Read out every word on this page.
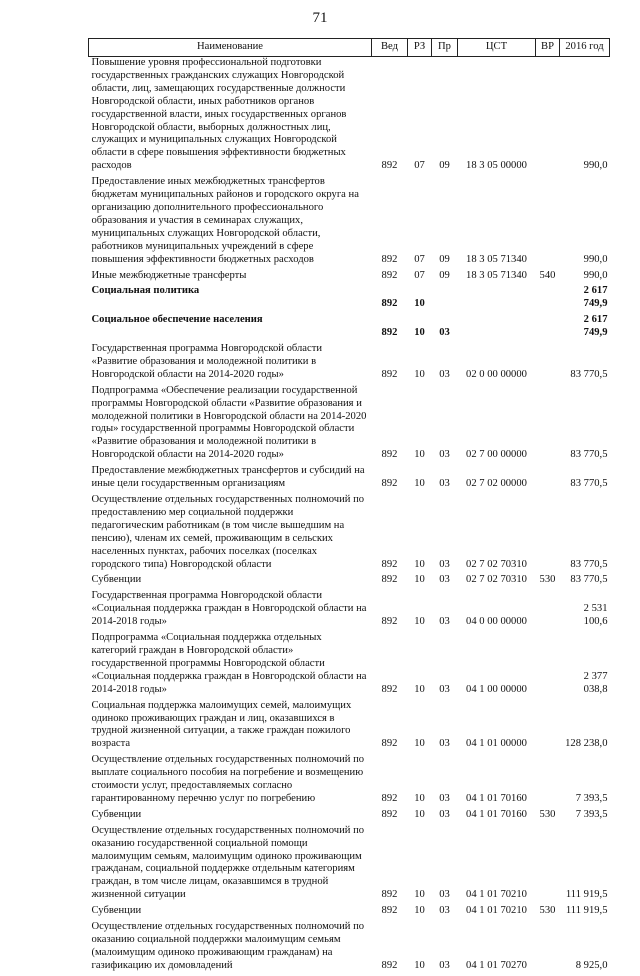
71
Наименование	Вед	РЗ	Пр	ЦСТ	ВР	2016 год
Повышение уровня профессиональной подготовки государственных гражданских служащих Новгородской области, лиц, замещающих государственные должности Новгородской области, иных работников органов государственной власти, иных государственных органов Новгородской области, выборных должностных лиц, служащих и муниципальных служащих Новгородской области в сфере повышения эффективности бюджетных расходов	892	07	09	18 3 05 00000		990,0
Предоставление иных межбюджетных трансфертов бюджетам муниципальных районов и городского округа на организацию дополнительного профессионального образования и участия в семинарах служащих, муниципальных служащих Новгородской области, работников муниципальных учреждений в сфере повышения эффективности бюджетных расходов	892	07	09	18 3 05 71340		990,0
Иные межбюджетные трансферты	892	07	09	18 3 05 71340	540	990,0
Социальная политика	892	10				2 617 749,9
Социальное обеспечение населения	892	10	03			2 617 749,9
Государственная программа Новгородской области «Развитие образования и молодежной политики в Новгородской области на 2014-2020 годы»	892	10	03	02 0 00 00000		83 770,5
Подпрограмма «Обеспечение реализации государственной программы Новгородской области «Развитие образования и молодежной политики в Новгородской области на 2014-2020 годы» государственной программы Новгородской области «Развитие образования и молодежной политики в Новгородской области на 2014-2020 годы»	892	10	03	02 7 00 00000		83 770,5
Предоставление межбюджетных трансфертов и субсидий на иные цели государственным организациям	892	10	03	02 7 02 00000		83 770,5
Осуществление отдельных государственных полномочий по предоставлению мер социальной поддержки педагогическим работникам (в том числе вышедшим на пенсию), членам их семей, проживающим в сельских населенных пунктах, рабочих поселках (поселках городского типа) Новгородской области	892	10	03	02 7 02 70310		83 770,5
Субвенции	892	10	03	02 7 02 70310	530	83 770,5
Государственная программа Новгородской области «Социальная поддержка граждан в Новгородской области на 2014-2018 годы»	892	10	03	04 0 00 00000		2 531 100,6
Подпрограмма «Социальная поддержка отдельных категорий граждан в Новгородской области» государственной программы Новгородской области «Социальная поддержка граждан в Новгородской области на 2014-2018 годы»	892	10	03	04 1 00 00000		2 377 038,8
Социальная поддержка малоимущих семей, малоимущих одиноко проживающих граждан и лиц, оказавшихся в трудной жизненной ситуации, а также граждан пожилого возраста	892	10	03	04 1 01 00000		128 238,0
Осуществление отдельных государственных полномочий по выплате социального пособия на погребение и возмещению стоимости услуг, предоставляемых согласно гарантированному перечню услуг по погребению	892	10	03	04 1 01 70160		7 393,5
Субвенции	892	10	03	04 1 01 70160	530	7 393,5
Осуществление отдельных государственных полномочий по оказанию государственной социальной помощи малоимущим семьям, малоимущим одиноко проживающим гражданам, социальной поддержке отдельным категориям граждан, в том числе лицам, оказавшимся в трудной жизненной ситуации	892	10	03	04 1 01 70210		111 919,5
Субвенции	892	10	03	04 1 01 70210	530	111 919,5
Осуществление отдельных государственных полномочий по оказанию социальной поддержки малоимущим семьям (малоимущим одиноко проживающим гражданам) на газификацию их домовладений	892	10	03	04 1 01 70270		8 925,0
